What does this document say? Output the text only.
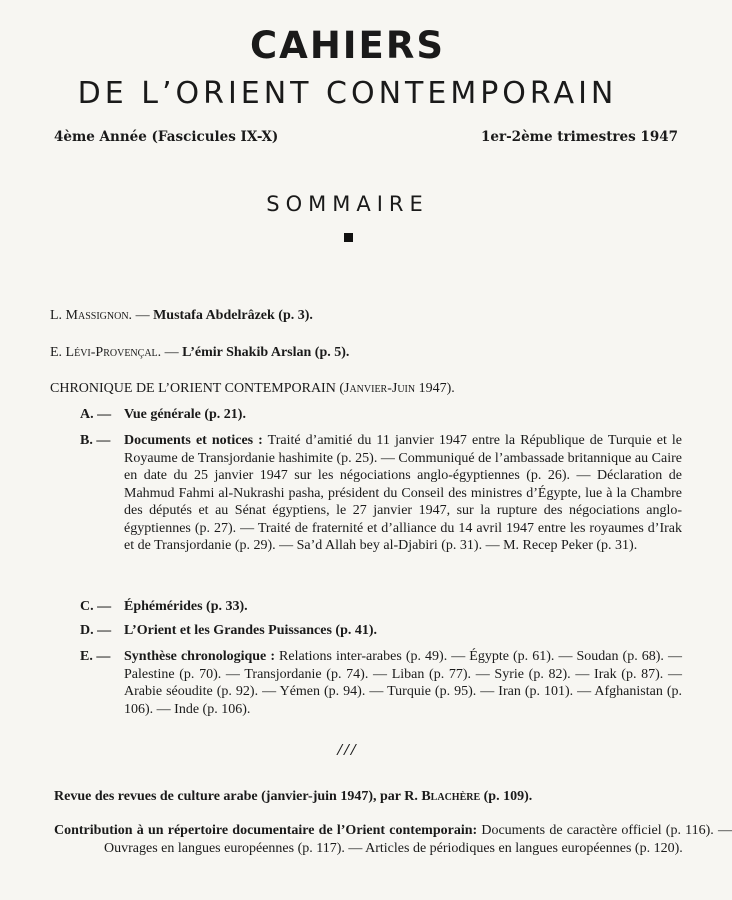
CAHIERS
DE L’ORIENT CONTEMPORAIN
4ème Année (Fascicules IX-X)	1er-2ème trimestres 1947
SOMMAIRE
L. Massignon. — Mustafa Abdelrâzek (p. 3).
E. Lévi-Provençal. — L’émir Shakib Arslan (p. 5).
CHRONIQUE DE L’ORIENT CONTEMPORAIN (Janvier-Juin 1947).
A. — Vue générale (p. 21).
B. — Documents et notices : Traité d’amitié du 11 janvier 1947 entre la République de Turquie et le Royaume de Transjordanie hashimite (p. 25). — Communiqué de l’ambassade britannique au Caire en date du 25 janvier 1947 sur les négociations anglo-égyptiennes (p. 26). — Déclaration de Mahmud Fahmi al-Nukrashi pasha, président du Conseil des ministres d’Égypte, lue à la Chambre des députés et au Sénat égyptiens, le 27 janvier 1947, sur la rupture des négociations anglo-égyptiennes (p. 27). — Traité de fraternité et d’alliance du 14 avril 1947 entre les royaumes d’Irak et de Transjordanie (p. 29). — Sa’d Allah bey al-Djabiri (p. 31). — M. Recep Peker (p. 31).
C. — Éphémérides (p. 33).
D. — L’Orient et les Grandes Puissances (p. 41).
E. — Synthèse chronologique : Relations inter-arabes (p. 49). — Égypte (p. 61). — Soudan (p. 68). — Palestine (p. 70). — Transjordanie (p. 74). — Liban (p. 77). — Syrie (p. 82). — Irak (p. 87). — Arabie séoudite (p. 92). — Yémen (p. 94). — Turquie (p. 95). — Iran (p. 101). — Afghanistan (p. 106). — Inde (p. 106).
///
Revue des revues de culture arabe (janvier-juin 1947), par R. Blachère (p. 109).
Contribution à un répertoire documentaire de l’Orient contemporain: Documents de caractère officiel (p. 116). — Ouvrages en langues européennes (p. 117). — Articles de périodiques en langues européennes (p. 120).
